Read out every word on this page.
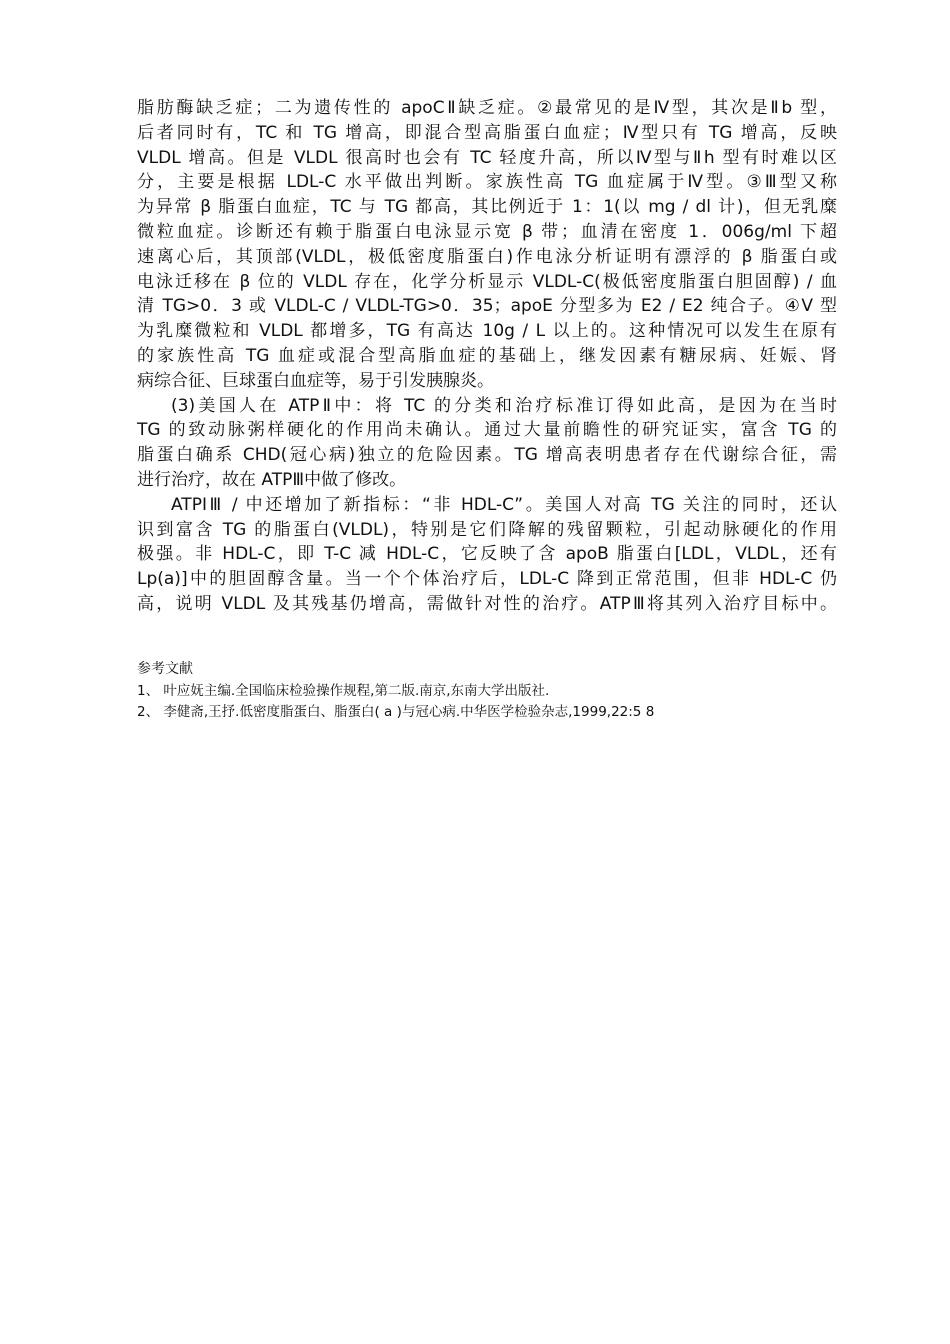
脂肪酶缺乏症；二为遗传性的 apoCⅡ缺乏症。②最常见的是Ⅳ型，其次是Ⅱb 型，
后者同时有，TC 和 TG 增高，即混合型高脂蛋白血症；Ⅳ型只有 TG 增高，反映
VLDL 增高。但是 VLDL 很高时也会有 TC 轻度升高，所以Ⅳ型与Ⅱh 型有时难以区
分，主要是根据 LDL-C 水平做出判断。家族性高 TG 血症属于Ⅳ型。③Ⅲ型又称
为异常 β 脂蛋白血症，TC 与 TG 都高，其比例近于 1：1(以 mg / dl 计)，但无乳糜
微粒血症。诊断还有赖于脂蛋白电泳显示宽 β 带；血清在密度 1．006g/ml 下超
速离心后，其顶部(VLDL，极低密度脂蛋白)作电泳分析证明有漂浮的 β 脂蛋白或
电泳迁移在 β 位的 VLDL 存在，化学分析显示 VLDL-C(极低密度脂蛋白胆固醇) / 血
清 TG>0．3 或 VLDL-C / VLDL-TG>0．35；apoE 分型多为 E2 / E2 纯合子。④V 型
为乳糜微粒和 VLDL 都增多，TG 有高达 10g / L 以上的。这种情况可以发生在原有
的家族性高 TG 血症或混合型高脂血症的基础上，继发因素有糖尿病、妊娠、肾
病综合征、巨球蛋白血症等，易于引发胰腺炎。
(3)美国人在 ATPⅡ中：将 TC 的分类和治疗标准订得如此高，是因为在当时
TG 的致动脉粥样硬化的作用尚未确认。通过大量前瞻性的研究证实，富含 TG 的
脂蛋白确系 CHD(冠心病)独立的危险因素。TG 增高表明患者存在代谢综合征，需
进行治疗，故在 ATPⅢ中做了修改。
ATPIⅢ / 中还增加了新指标：“非 HDL-C”。美国人对高 TG 关注的同时，还认
识到富含 TG 的脂蛋白(VLDL)，特别是它们降解的残留颗粒，引起动脉硬化的作用
极强。非 HDL-C，即 T-C 减 HDL-C，它反映了含 apoB 脂蛋白[LDL，VLDL，还有
Lp(a)]中的胆固醇含量。当一个个体治疗后，LDL-C 降到正常范围，但非 HDL-C 仍
高，说明 VLDL 及其残基仍增高，需做针对性的治疗。ATPⅢ将其列入治疗目标中。
参考文献
1、 叶应妩主编.全国临床检验操作规程,第二版.南京,东南大学出版社.
2、 李健斋,王抒.低密度脂蛋白、脂蛋白( a )与冠心病.中华医学检验杂志,1999,22:5 8
